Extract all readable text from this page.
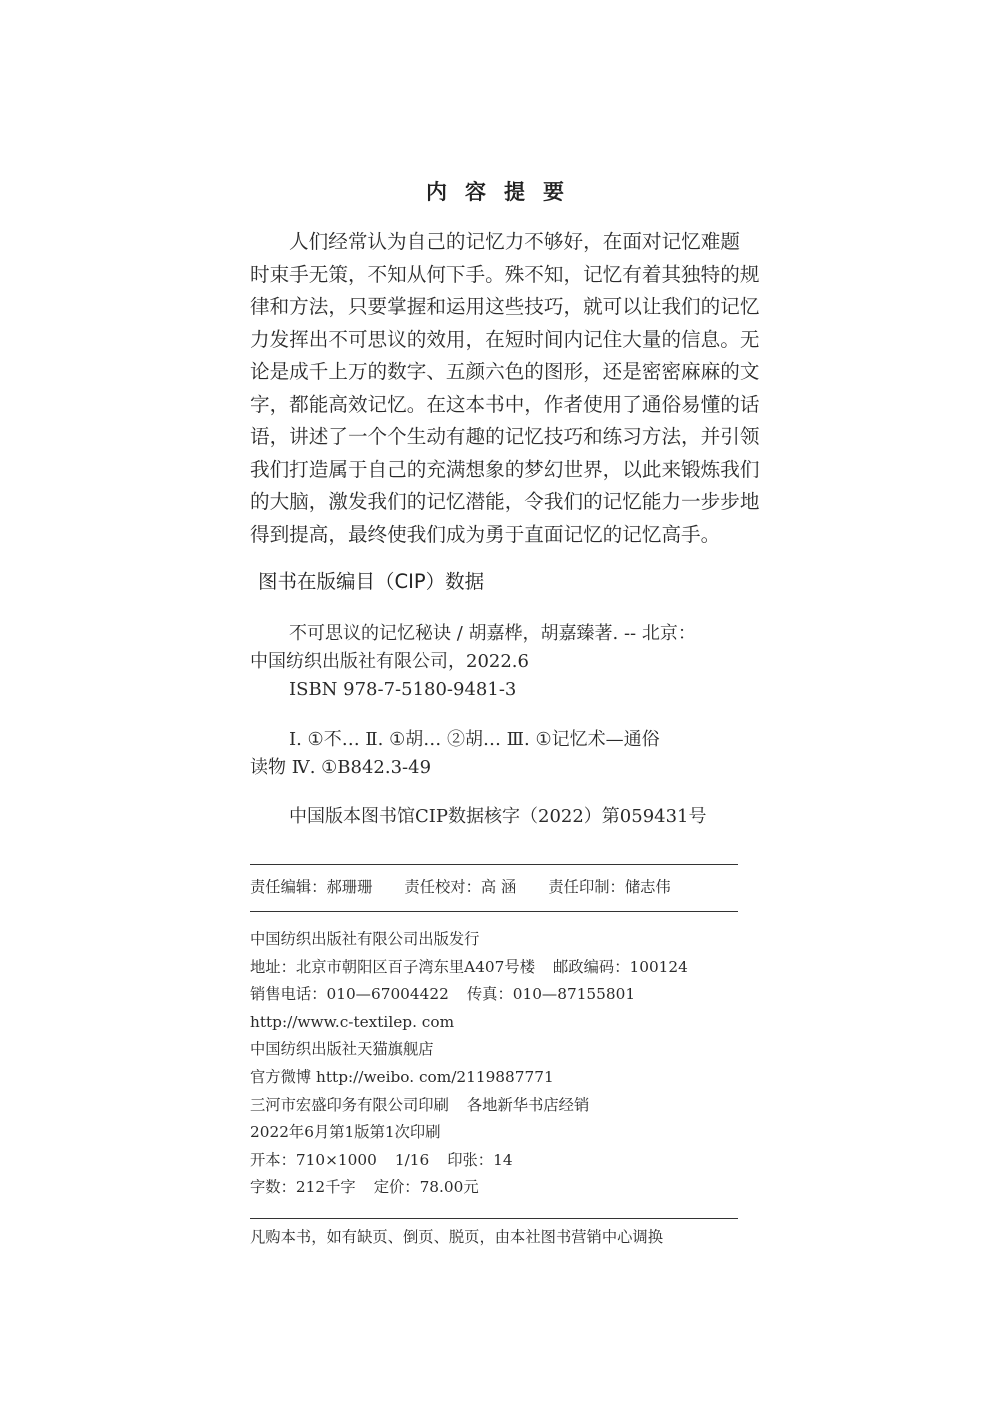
内容提要
人们经常认为自己的记忆力不够好，在面对记忆难题
时束手无策，不知从何下手。殊不知，记忆有着其独特的规
律和方法，只要掌握和运用这些技巧，就可以让我们的记忆
力发挥出不可思议的效用，在短时间内记住大量的信息。无
论是成千上万的数字、五颜六色的图形，还是密密麻麻的文
字，都能高效记忆。在这本书中，作者使用了通俗易懂的话
语，讲述了一个个生动有趣的记忆技巧和练习方法，并引领
我们打造属于自己的充满想象的梦幻世界，以此来锻炼我们
的大脑，激发我们的记忆潜能，令我们的记忆能力一步步地
得到提高，最终使我们成为勇于直面记忆的记忆高手。
图书在版编目（CIP）数据
不可思议的记忆秘诀 / 胡嘉桦，胡嘉臻著. -- 北京：
中国纺织出版社有限公司，2022.6
ISBN 978-7-5180-9481-3
Ⅰ. ①不… Ⅱ. ①胡… ②胡… Ⅲ. ①记忆术—通俗
读物 Ⅳ. ①B842.3-49
中国版本图书馆CIP数据核字（2022）第059431号
责任编辑：郝珊珊 责任校对：高 涵 责任印制：储志伟
中国纺织出版社有限公司出版发行
地址：北京市朝阳区百子湾东里A407号楼 邮政编码：100124
销售电话：010—67004422 传真：010—87155801
http://www.c-textilep. com
中国纺织出版社天猫旗舰店
官方微博 http://weibo. com/2119887771
三河市宏盛印务有限公司印刷 各地新华书店经销
2022年6月第1版第1次印刷
开本：710×1000 1/16 印张：14
字数：212千字 定价：78.00元
凡购本书，如有缺页、倒页、脱页，由本社图书营销中心调换
